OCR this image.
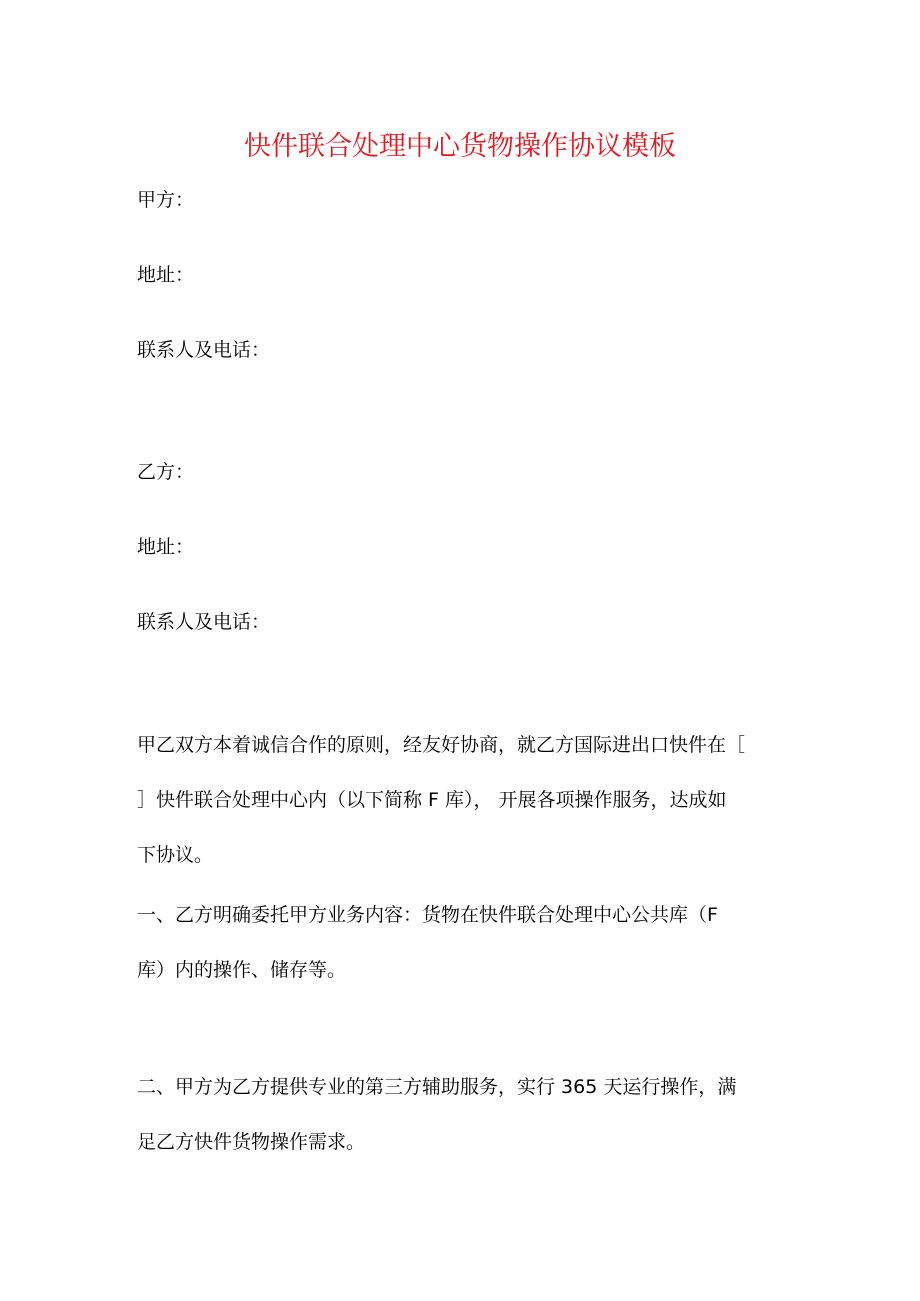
快件联合处理中心货物操作协议模板
甲方：
地址：
联系人及电话：
乙方：
地址：
联系人及电话：
甲乙双方本着诚信合作的原则，经友好协商，就乙方国际进出口快件在［
］快件联合处理中心内（以下简称 F 库）， 开展各项操作服务，达成如
下协议。
一、乙方明确委托甲方业务内容：货物在快件联合处理中心公共库（F
库）内的操作、储存等。
二、甲方为乙方提供专业的第三方辅助服务，实行 365 天运行操作，满
足乙方快件货物操作需求。
